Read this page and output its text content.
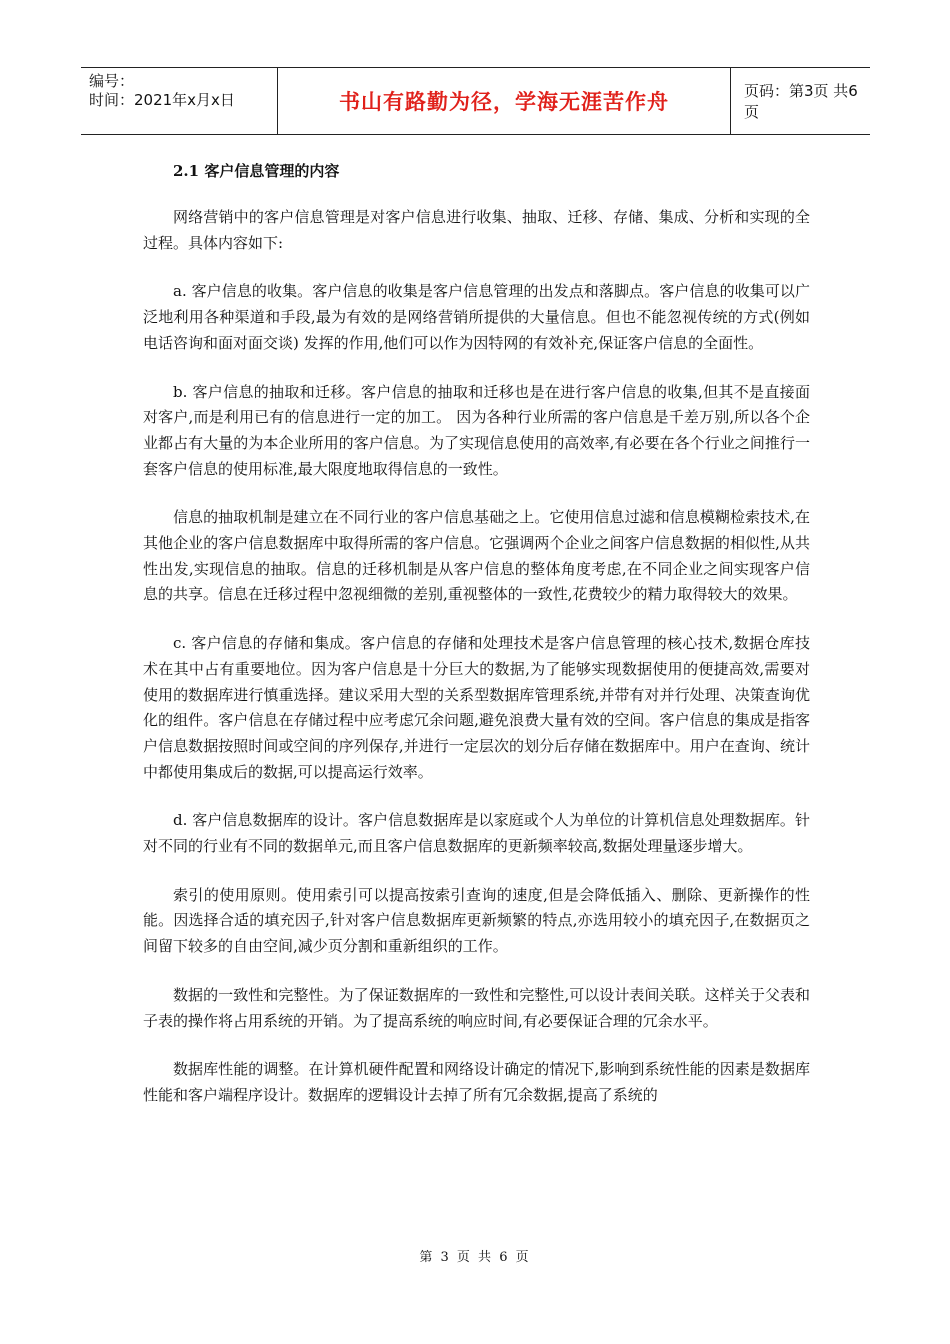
编号：
时间：2021年x月x日	书山有路勤为径，学海无涯苦作舟	页码：第3页 共6页
2.1 客户信息管理的内容

网络营销中的客户信息管理是对客户信息进行收集、抽取、迁移、存储、集成、分析和实现的全过程。具体内容如下:

a. 客户信息的收集。客户信息的收集是客户信息管理的出发点和落脚点。客户信息的收集可以广泛地利用各种渠道和手段,最为有效的是网络营销所提供的大量信息。但也不能忽视传统的方式(例如电话咨询和面对面交谈) 发挥的作用,他们可以作为因特网的有效补充,保证客户信息的全面性。

b. 客户信息的抽取和迁移。客户信息的抽取和迁移也是在进行客户信息的收集,但其不是直接面对客户,而是利用已有的信息进行一定的加工。 因为各种行业所需的客户信息是千差万别,所以各个企业都占有大量的为本企业所用的客户信息。为了实现信息使用的高效率,有必要在各个行业之间推行一套客户信息的使用标准,最大限度地取得信息的一致性。

信息的抽取机制是建立在不同行业的客户信息基础之上。它使用信息过滤和信息模糊检索技术,在其他企业的客户信息数据库中取得所需的客户信息。它强调两个企业之间客户信息数据的相似性,从共性出发,实现信息的抽取。信息的迁移机制是从客户信息的整体角度考虑,在不同企业之间实现客户信息的共享。信息在迁移过程中忽视细微的差别,重视整体的一致性,花费较少的精力取得较大的效果。

c. 客户信息的存储和集成。客户信息的存储和处理技术是客户信息管理的核心技术,数据仓库技术在其中占有重要地位。因为客户信息是十分巨大的数据,为了能够实现数据使用的便捷高效,需要对使用的数据库进行慎重选择。建议采用大型的关系型数据库管理系统,并带有对并行处理、决策查询优化的组件。客户信息在存储过程中应考虑冗余问题,避免浪费大量有效的空间。客户信息的集成是指客户信息数据按照时间或空间的序列保存,并进行一定层次的划分后存储在数据库中。用户在查询、统计中都使用集成后的数据,可以提高运行效率。

d. 客户信息数据库的设计。客户信息数据库是以家庭或个人为单位的计算机信息处理数据库。针对不同的行业有不同的数据单元,而且客户信息数据库的更新频率较高,数据处理量逐步增大。

索引的使用原则。使用索引可以提高按索引查询的速度,但是会降低插入、删除、更新操作的性能。因选择合适的填充因子,针对客户信息数据库更新频繁的特点,亦选用较小的填充因子,在数据页之间留下较多的自由空间,减少页分割和重新组织的工作。

数据的一致性和完整性。为了保证数据库的一致性和完整性,可以设计表间关联。这样关于父表和子表的操作将占用系统的开销。为了提高系统的响应时间,有必要保证合理的冗余水平。

数据库性能的调整。在计算机硬件配置和网络设计确定的情况下,影响到系统性能的因素是数据库性能和客户端程序设计。数据库的逻辑设计去掉了所有冗余数据,提高了系统的

第 3 页 共 6 页
